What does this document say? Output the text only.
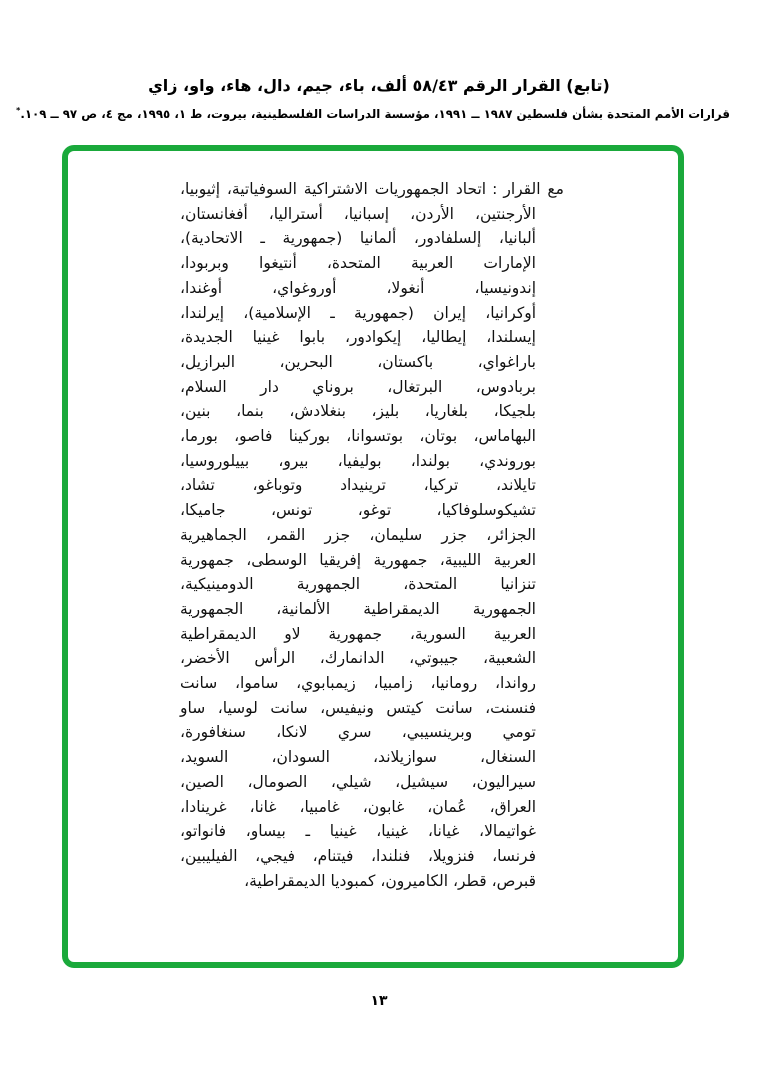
(تابع) القرار الرقم ٥٨/٤٣ ألف، باء، جيم، دال، هاء، واو، زاي
قرارات الأمم المتحدة بشأن فلسطين ١٩٨٧ ــ ١٩٩١، مؤسسة الدراسات الفلسطينية، بيروت، ط ١، ١٩٩٥، مج ٤، ص ٩٧ ــ ١٠٩.*
مع القرار:اتحاد الجمهوريات الاشتراكية السوفياتية، إثيوبيا،
الأرجنتين، الأردن، إسبانيا، أستراليا، أفغانستان،
ألبانيا، إلسلفادور، ألمانيا (جمهورية ـ الاتحادية)،
الإمارات العربية المتحدة، أنتيغوا وبربودا،
إندونيسيا، أنغولا، أوروغواي، أوغندا،
أوكرانيا، إيران (جمهورية ـ الإسلامية)، إيرلندا،
إيسلندا، إيطاليا، إيكوادور، بابوا غينيا الجديدة،
باراغواي، باكستان، البحرين، البرازيل،
بربادوس، البرتغال، بروناي دار السلام،
بلجيكا، بلغاريا، بليز، بنغلادش، بنما، بنين،
البهاماس، بوتان، بوتسوانا، بوركينا فاصو، بورما،
بوروندي، بولندا، بوليفيا، بيرو، بييلوروسيا،
تايلاند، تركيا، ترينيداد وتوباغو، تشاد،
تشيكوسلوفاكيا، توغو، تونس، جاميكا،
الجزائر، جزر سليمان، جزر القمر، الجماهيرية
العربية الليبية، جمهورية إفريقيا الوسطى، جمهورية
تنزانيا المتحدة، الجمهورية الدومينيكية،
الجمهورية الديمقراطية الألمانية، الجمهورية
العربية السورية، جمهورية لاو الديمقراطية
الشعبية، جيبوتي، الدانمارك، الرأس الأخضر،
رواندا، رومانيا، زامبيا، زيمبابوي، ساموا، سانت
فنسنت، سانت كيتس ونيفيس، سانت لوسيا، ساو
تومي وبرينسيبي، سري لانكا، سنغافورة،
السنغال، سوازيلاند، السودان، السويد،
سيراليون، سيشيل، شيلي، الصومال، الصين،
العراق، عُمان، غابون، غامبيا، غانا، غرينادا،
غواتيمالا، غيانا، غينيا، غينيا ـ بيساو، فانواتو،
فرنسا، فنزويلا، فنلندا، فيتنام، فيجي، الفيليبين،
قبرص، قطر، الكاميرون، كمبوديا الديمقراطية،
١٣
